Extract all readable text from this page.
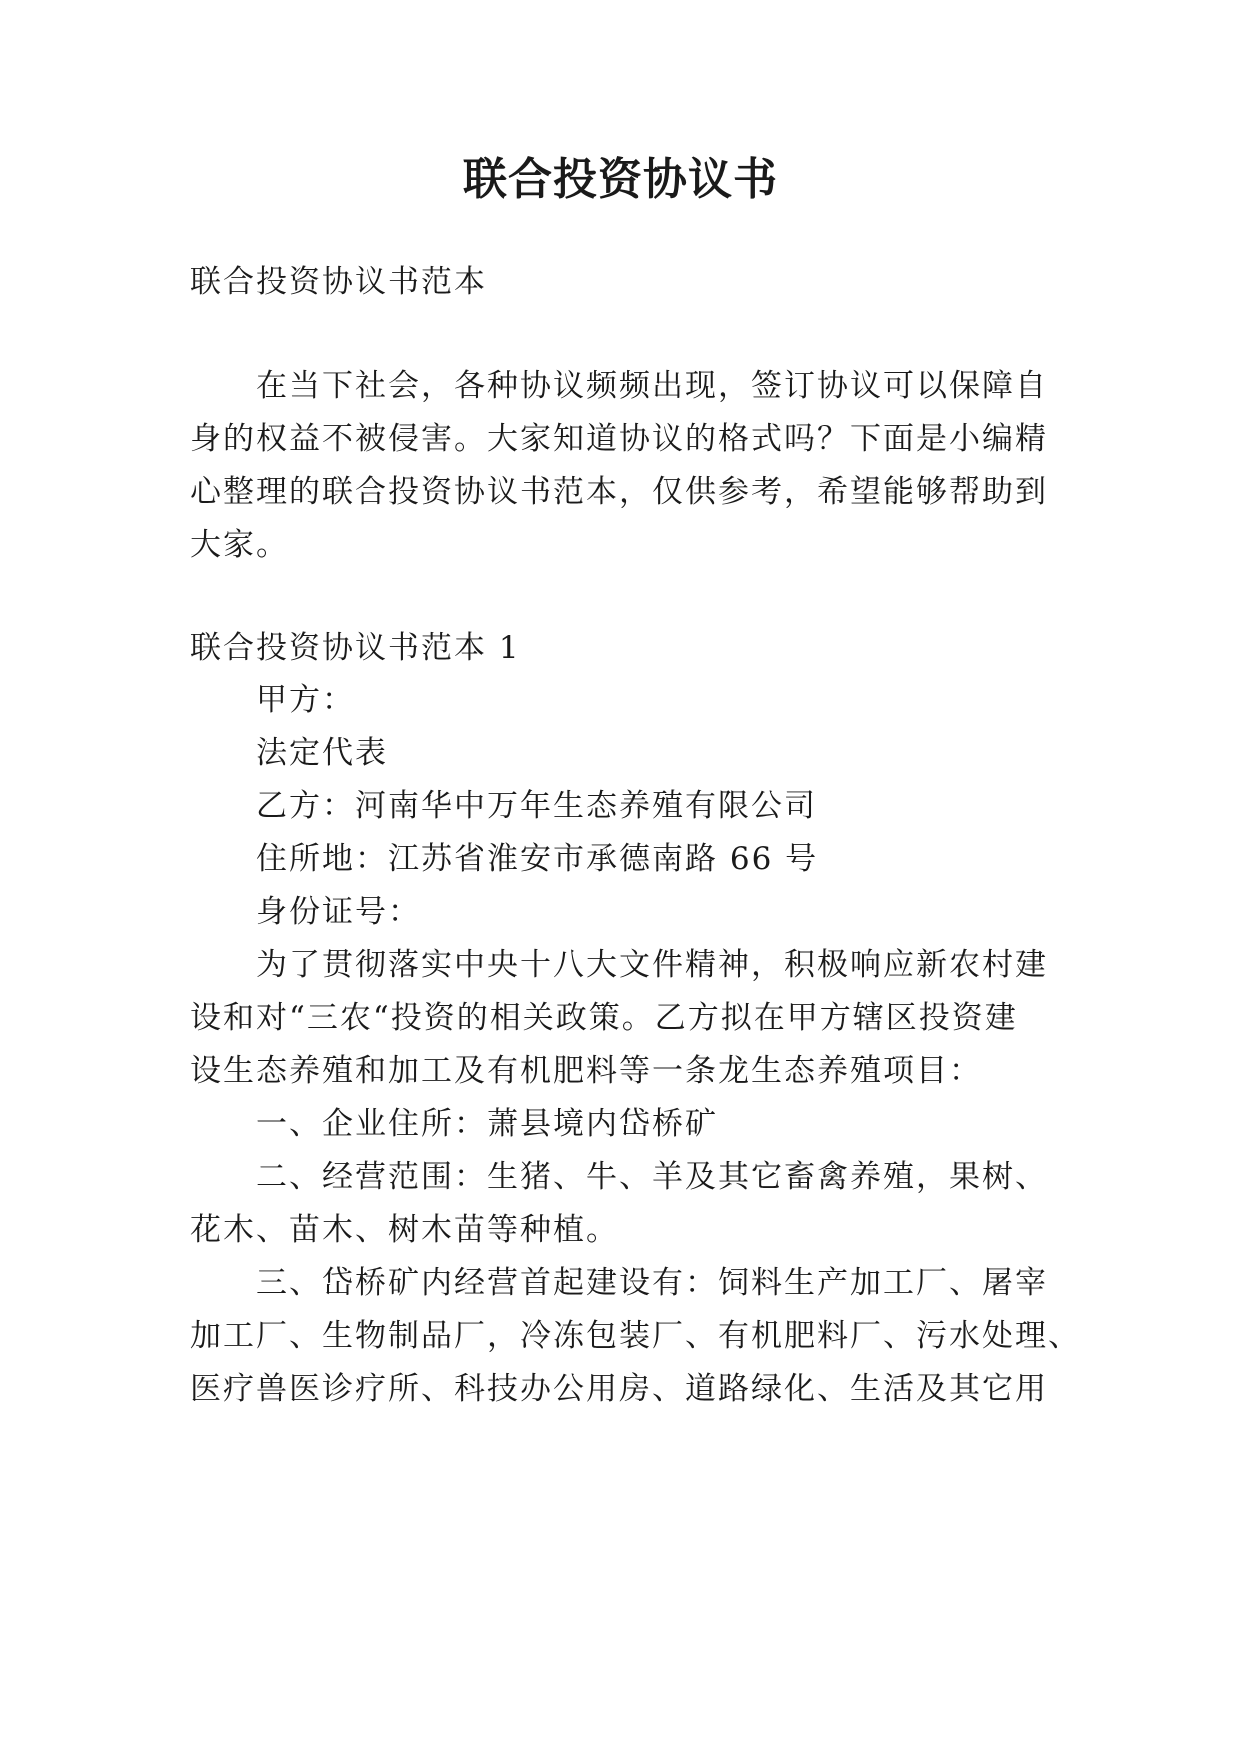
联合投资协议书
联合投资协议书范本
在当下社会，各种协议频频出现，签订协议可以保障自
身的权益不被侵害。大家知道协议的格式吗？下面是小编精
心整理的联合投资协议书范本，仅供参考，希望能够帮助到
大家。
联合投资协议书范本 1
甲方：
法定代表
乙方：河南华中万年生态养殖有限公司
住所地：江苏省淮安市承德南路 66 号
身份证号：
为了贯彻落实中央十八大文件精神，积极响应新农村建
设和对“三农“投资的相关政策。乙方拟在甲方辖区投资建
设生态养殖和加工及有机肥料等一条龙生态养殖项目：
一、企业住所：萧县境内岱桥矿
二、经营范围：生猪、牛、羊及其它畜禽养殖，果树、
花木、苗木、树木苗等种植。
三、岱桥矿内经营首起建设有：饲料生产加工厂、屠宰
加工厂、生物制品厂，冷冻包装厂、有机肥料厂、污水处理、
医疗兽医诊疗所、科技办公用房、道路绿化、生活及其它用
